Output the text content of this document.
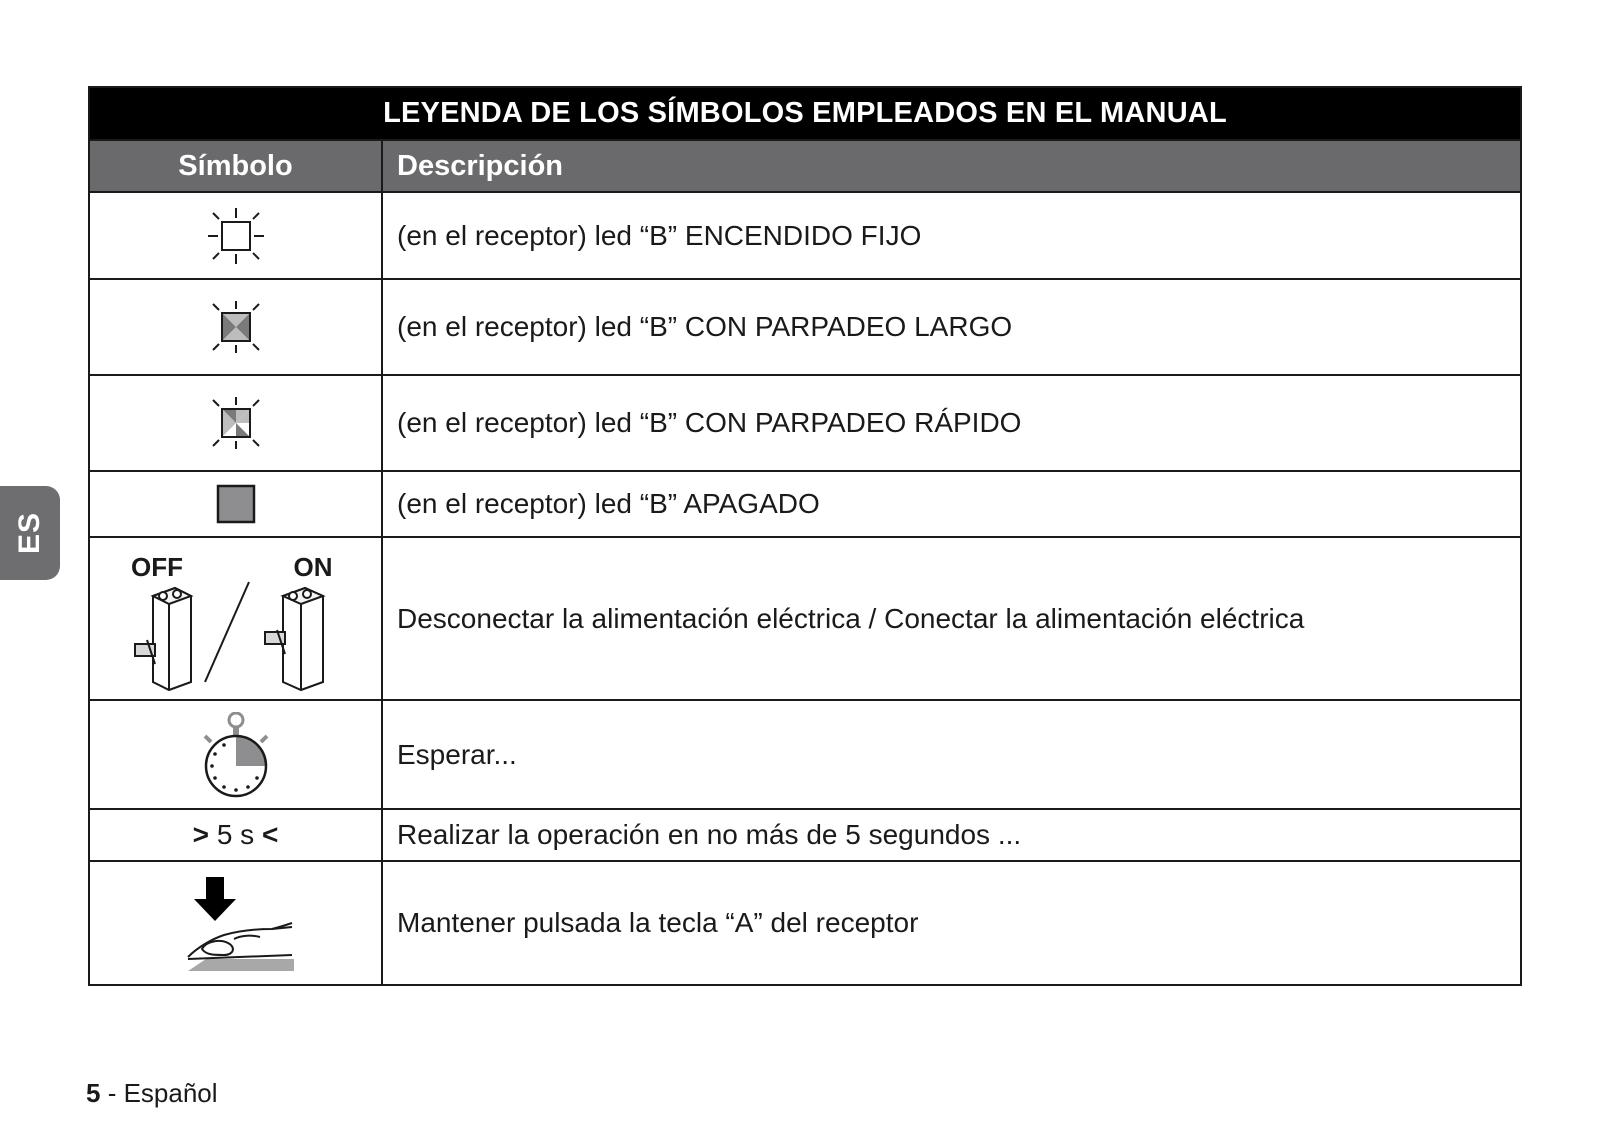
ES
LEYENDA DE LOS SÍMBOLOS EMPLEADOS EN EL MANUAL	
Símbolo	Descripción

	(en el receptor) led “B” ENCENDIDO FIJO

	(en el receptor) led “B” CON PARPADEO LARGO

	(en el receptor) led “B” CON PARPADEO RÁPIDO

	(en el receptor) led “B” APAGADO

OFF ON	Desconectar la alimentación eléctrica / Conectar la alimentación eléctrica

	Esperar...
> 5 s <	Realizar la operación en no más de 5 segundos ...

	Mantener pulsada la tecla “A” del receptor
5 - Español
